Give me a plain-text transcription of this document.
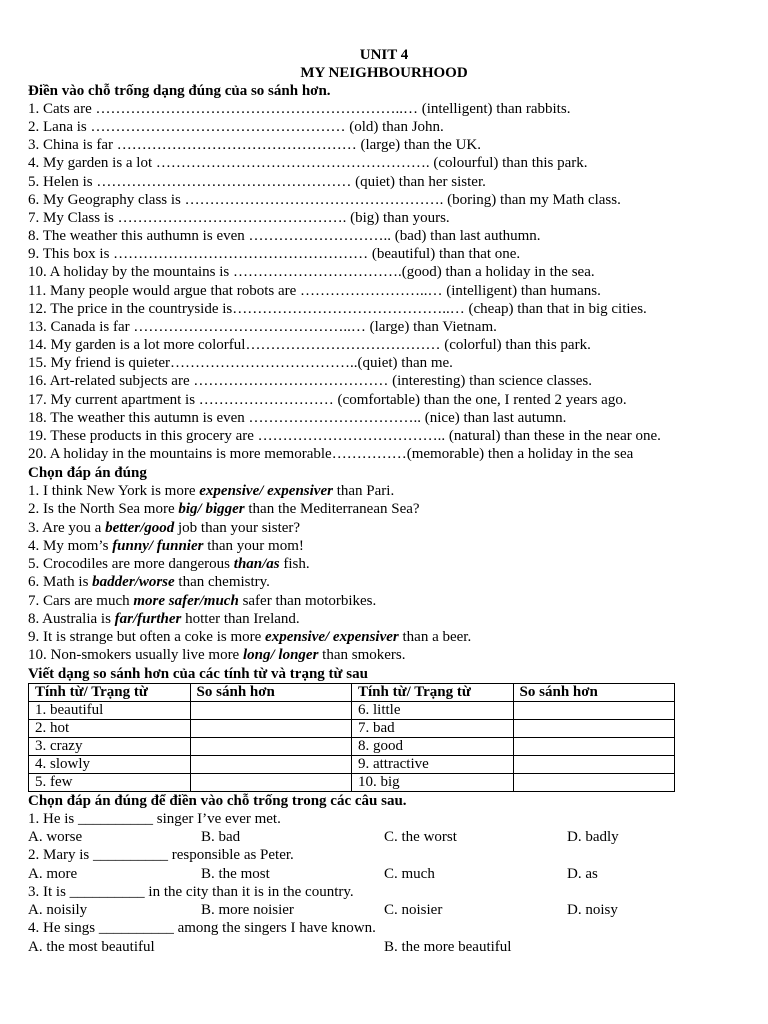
UNIT 4
MY NEIGHBOURHOOD
Điền vào chỗ trống dạng đúng của so sánh hơn.
1. Cats are ……………………………………………………..… (intelligent) than rabbits.
2. Lana is …………………………………………… (old) than John.
3. China is far ………………………………………… (large) than the UK.
4. My garden is a lot ………………………………………………. (colourful) than this park.
5. Helen is …………………………………………… (quiet) than her sister.
6. My Geography class is ……………………………………………. (boring) than my Math class.
7. My Class is ………………………………………. (big) than yours.
8. The weather this authumn is even ……………………….. (bad) than last authumn.
9. This box is …………………………………………… (beautiful) than that one.
10. A holiday by the mountains is …………………………….(good) than a holiday in the sea.
11. Many people would argue that robots are ……………………..… (intelligent) than humans.
12. The price in the countryside is……………………………………..… (cheap) than that in big cities.
13. Canada is far ……………………………………..… (large) than Vietnam.
14. My garden is a lot more colorful………………………………… (colorful) than this park.
15. My friend is quieter………………………………..(quiet) than me.
16. Art-related subjects are ………………………………… (interesting) than science classes.
17. My current apartment is ……………………… (comfortable) than the one, I rented 2 years ago.
18. The weather this autumn is even …………………………….. (nice) than last autumn.
19. These products in this grocery are ……………………………….. (natural) than these in the near one.
20. A holiday in the mountains is more memorable……………(memorable) then a holiday in the sea
Chọn đáp án đúng
1. I think New York is more expensive/ expensiver than Pari.
2. Is the North Sea more big/ bigger than the Mediterranean Sea?
3. Are you a better/good job than your sister?
4. My mom’s funny/ funnier than your mom!
5. Crocodiles are more dangerous than/as fish.
6. Math is badder/worse than chemistry.
7. Cars are much more safer/much safer than motorbikes.
8. Australia is far/further hotter than Ireland.
9. It is strange but often a coke is more expensive/ expensiver than a beer.
10. Non-smokers usually live more long/ longer than smokers.
Viết dạng so sánh hơn của các tính từ và trạng từ sau
Tính từ/ Trạng từ	So sánh hơn	Tính từ/ Trạng từ	So sánh hơn
1. beautiful		6. little	
2. hot		7. bad	
3. crazy		8. good	
4. slowly		9. attractive	
5. few		10. big	
Chọn đáp án đúng để điền vào chỗ trống trong các câu sau.
1. He is __________ singer I’ve ever met.
A. worse	B. bad	C. the worst	D. badly
2. Mary is __________ responsible as Peter.
A. more	B. the most	C. much	D. as
3. It is __________ in the city than it is in the country.
A. noisily	B. more noisier	C. noisier	D. noisy
4. He sings __________ among the singers I have known.
A. the most beautiful	B. the more beautiful
